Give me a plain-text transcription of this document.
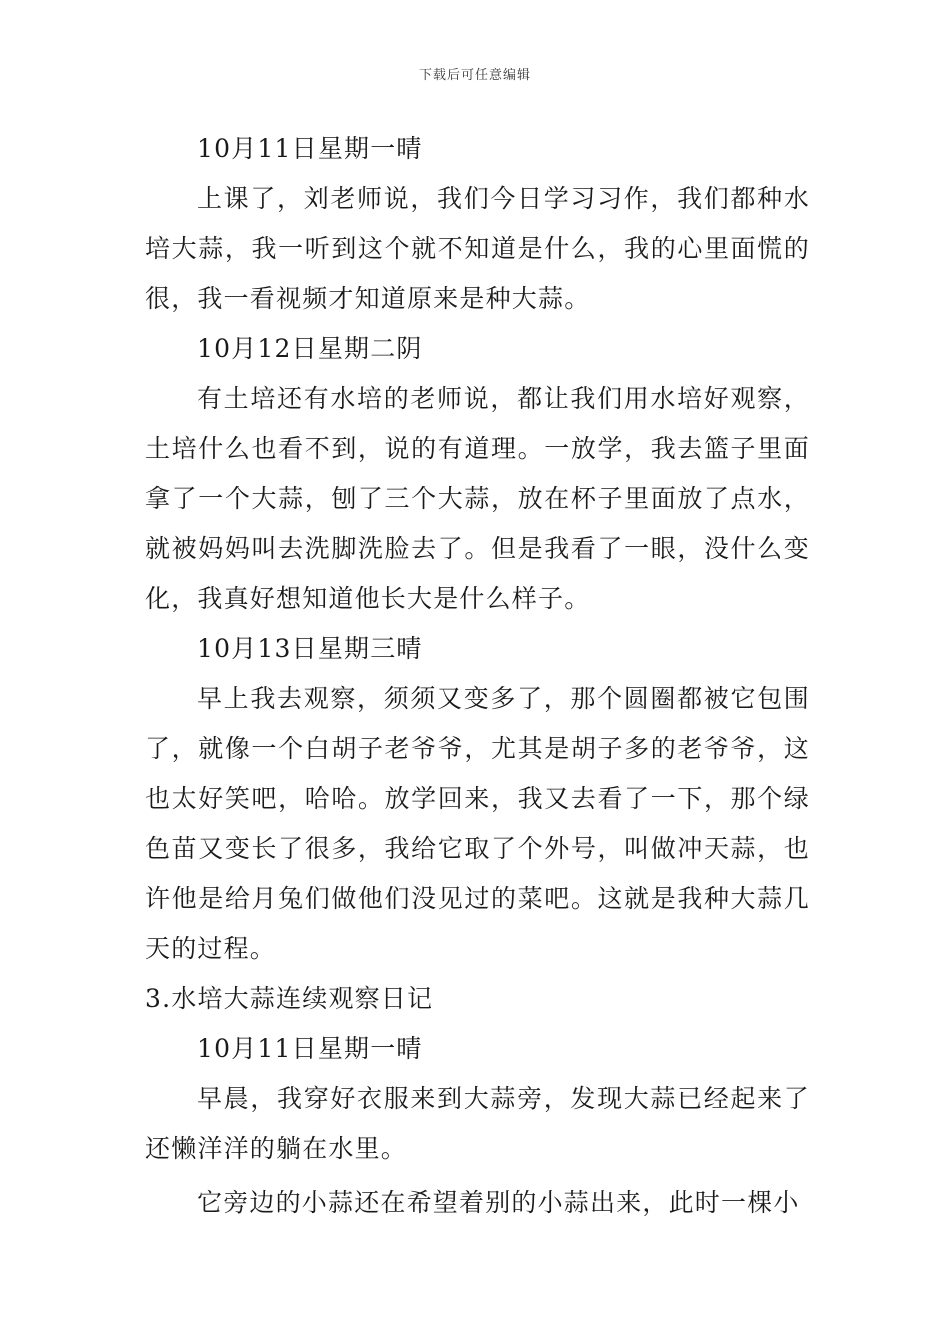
下载后可任意编辑
10月11日星期一晴
上课了，刘老师说，我们今日学习习作，我们都种水培大蒜，我一听到这个就不知道是什么，我的心里面慌的很，我一看视频才知道原来是种大蒜。
10月12日星期二阴
有土培还有水培的老师说，都让我们用水培好观察，土培什么也看不到，说的有道理。一放学，我去篮子里面拿了一个大蒜，刨了三个大蒜，放在杯子里面放了点水，就被妈妈叫去洗脚洗脸去了。但是我看了一眼，没什么变化，我真好想知道他长大是什么样子。
10月13日星期三晴
早上我去观察，须须又变多了，那个圆圈都被它包围了，就像一个白胡子老爷爷，尤其是胡子多的老爷爷，这也太好笑吧，哈哈。放学回来，我又去看了一下，那个绿色苗又变长了很多，我给它取了个外号，叫做冲天蒜，也许他是给月兔们做他们没见过的菜吧。这就是我种大蒜几天的过程。
3.水培大蒜连续观察日记
10月11日星期一晴
早晨，我穿好衣服来到大蒜旁，发现大蒜已经起来了还懒洋洋的躺在水里。
它旁边的小蒜还在希望着别的小蒜出来，此时一棵小
